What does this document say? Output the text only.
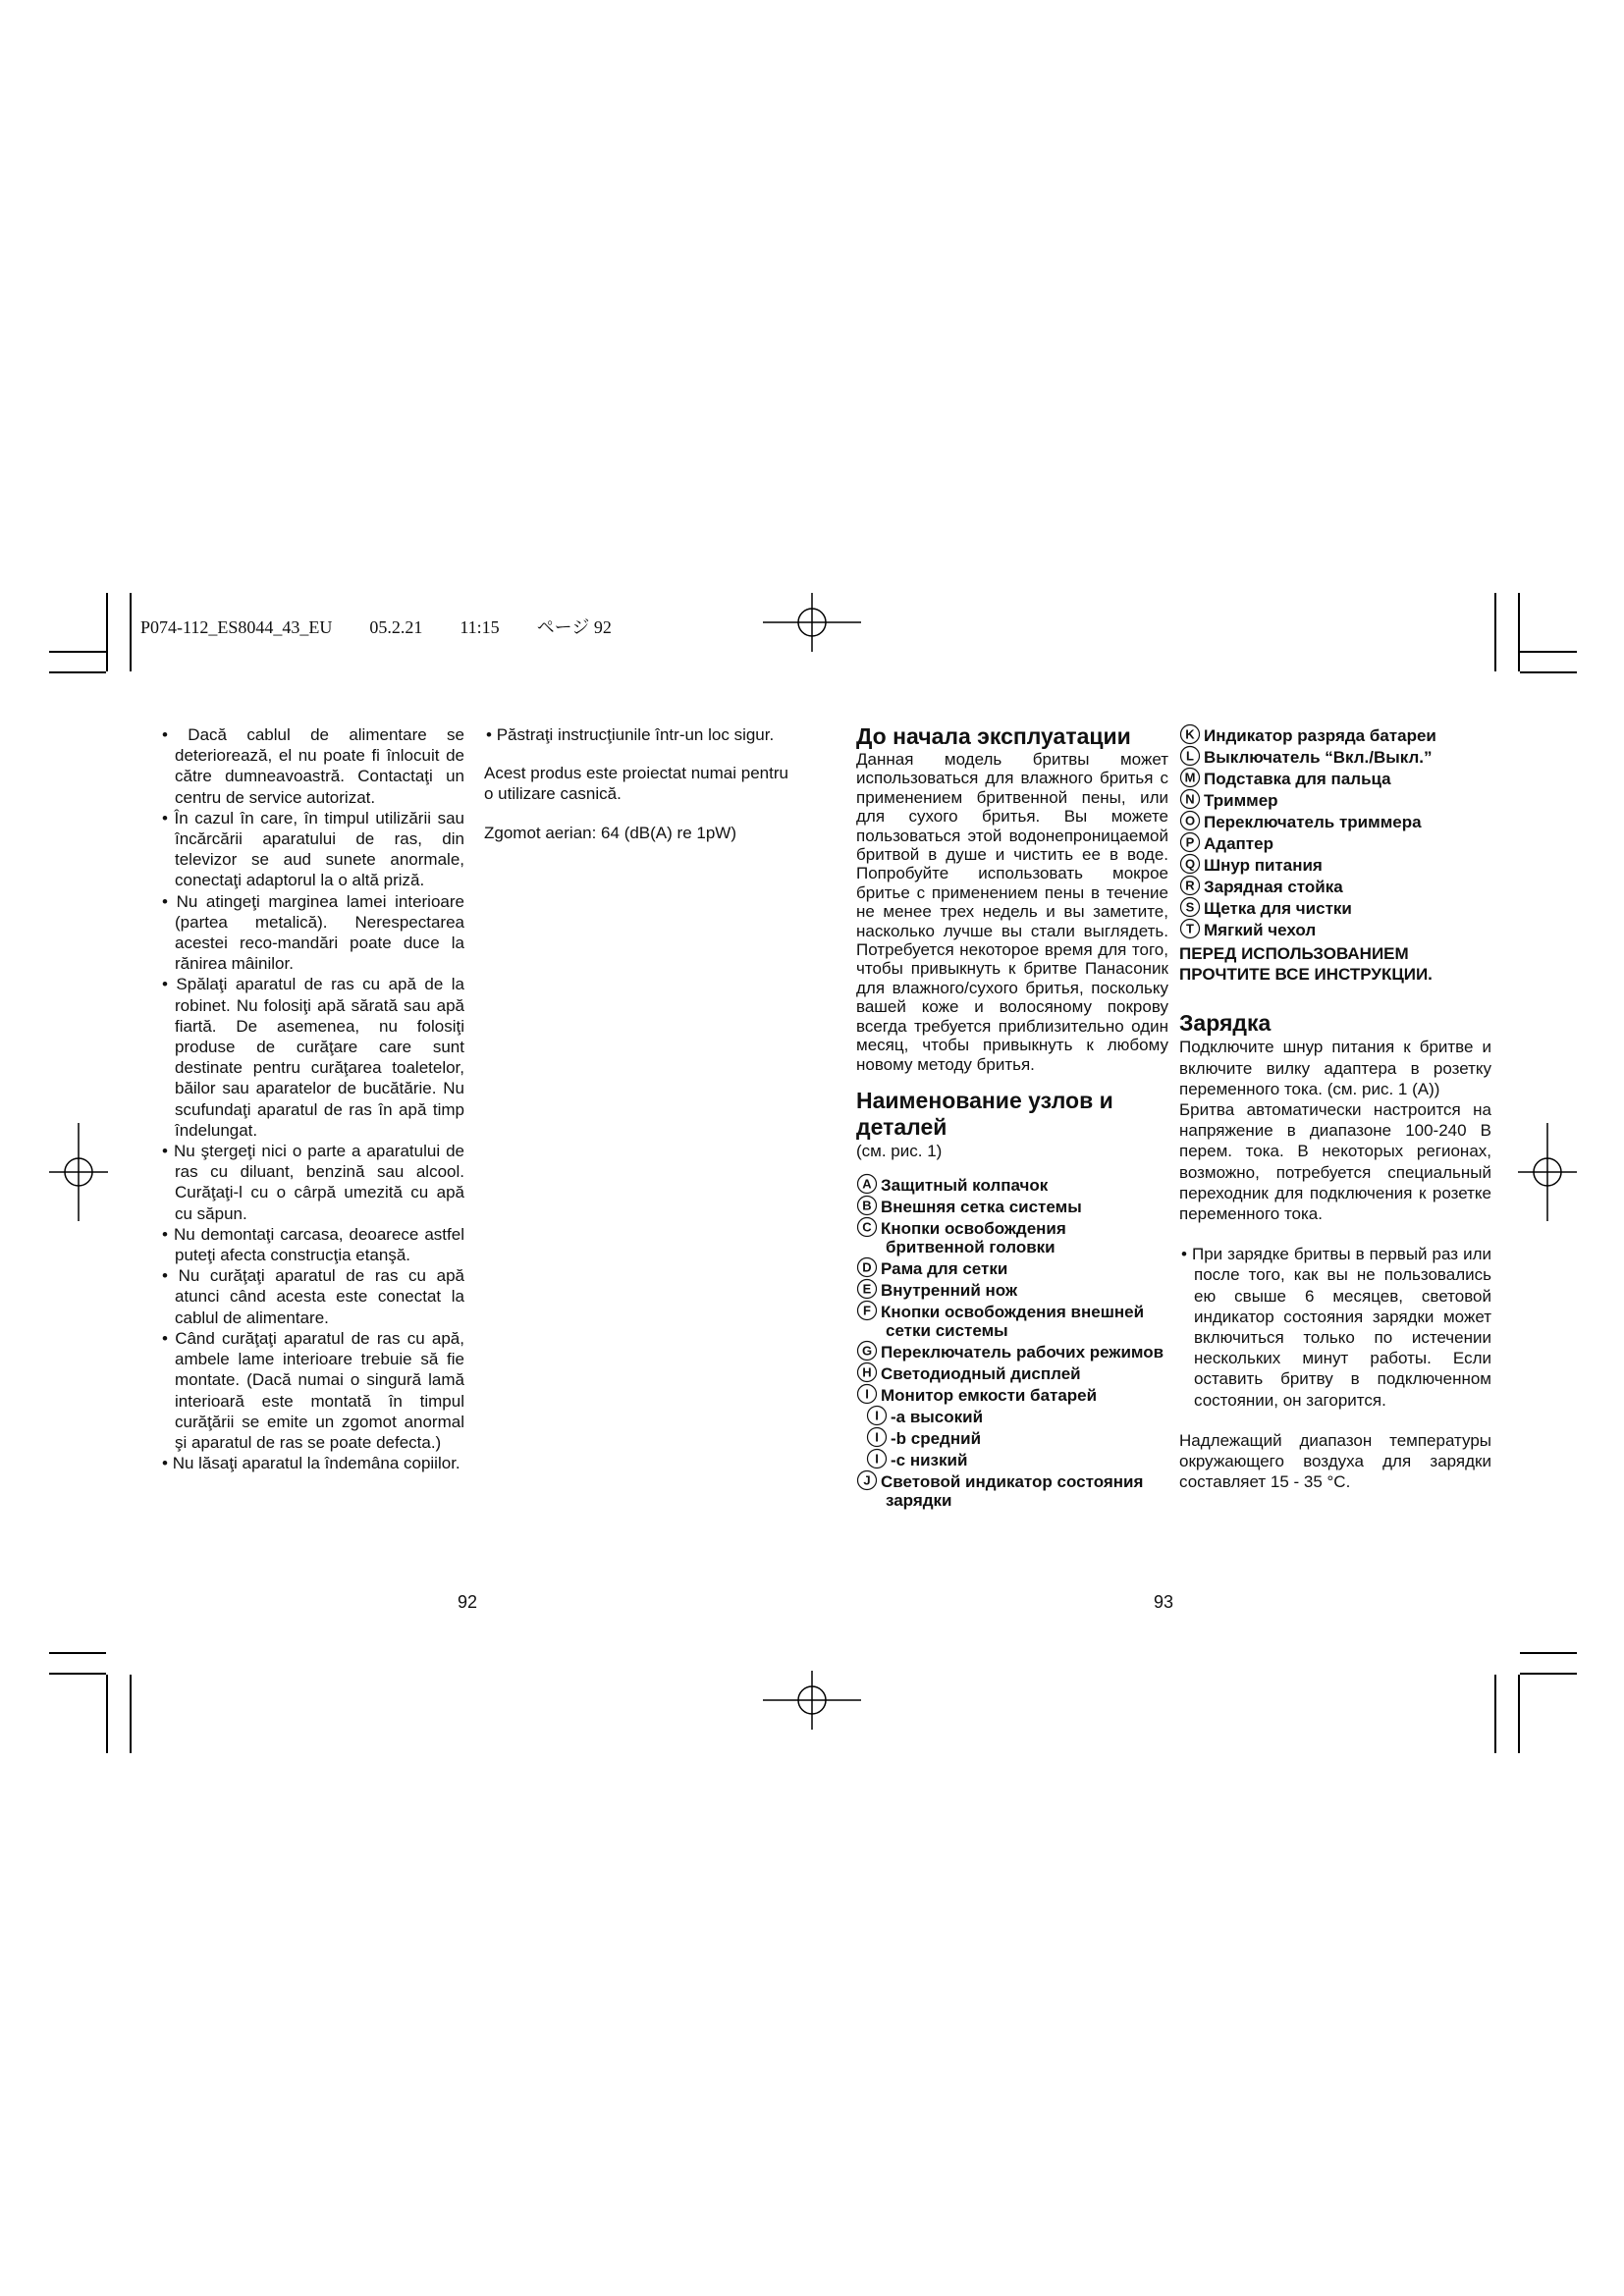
P074-112_ES8044_43_EU 05.2.21 11:15 ページ 92

• Dacă cablul de alimentare se deteriorează, el nu poate fi înlocuit de către dumneavoastră. Contactaţi un centru de service autorizat.

• În cazul în care, în timpul utilizării sau încărcării aparatului de ras, din televizor se aud sunete anormale, conectaţi adaptorul la o altă priză.

• Nu atingeţi marginea lamei interioare (partea metalică). Nerespectarea acestei reco-mandări poate duce la rănirea mâinilor.

• Spălaţi aparatul de ras cu apă de la robinet. Nu folosiţi apă sărată sau apă fiartă. De asemenea, nu folosiţi produse de curăţare care sunt destinate pentru curăţarea toaletelor, băilor sau aparatelor de bucătărie. Nu scufundaţi aparatul de ras în apă timp îndelungat.

• Nu ştergeţi nici o parte a aparatului de ras cu diluant, benzină sau alcool. Curăţaţi-l cu o cârpă umezită cu apă cu săpun.

• Nu demontaţi carcasa, deoarece astfel puteţi afecta construcţia etanşă.

• Nu curăţaţi aparatul de ras cu apă atunci când acesta este conectat la cablul de alimentare.

• Când curăţaţi aparatul de ras cu apă, ambele lame interioare trebuie să fie montate. (Dacă numai o singură lamă interioară este montată în timpul curăţării se emite un zgomot anormal şi aparatul de ras se poate defecta.)

• Nu lăsaţi aparatul la îndemâna copiilor.

• Păstraţi instrucţiunile într-un loc sigur.

Acest produs este proiectat numai pentru o utilizare casnică.

Zgomot aerian: 64 (dB(A) re 1pW)

92	93
До начала эксплуатации

Данная модель бритвы может использоваться для влажного бритья с применением бритвенной пены, или для сухого бритья. Вы можете пользоваться этой водонепроницаемой бритвой в душе и чистить ее в воде. Попробуйте использовать мокрое бритье с применением пены в течение не менее трех недель и вы заметите, насколько лучше вы стали выглядеть. Потребуется некоторое время для того, чтобы привыкнуть к бритве Панасоник для влажного/сухого бритья, поскольку вашей коже и волосяному покрову всегда требуется приблизительно один месяц, чтобы привыкнуть к любому новому методу бритья.

Наименование узлов и деталей

(см. рис. 1)

A Защитный колпачок

B Внешняя сетка системы

C Кнопки освобождения бритвенной головки

D Рама для сетки

E Внутренний нож

F Кнопки освобождения внешней сетки системы

G Переключатель рабочих режимов

H Светодиодный дисплей

I Монитор емкости батарей

I -a высокий

I -b средний

I -c низкий

J Световой индикатор состояния зарядки

K Индикатор разряда батареи

L Выключатель “Вкл./Выкл.”

M Подставка для пальца

N Триммер

O Переключатель триммера

P Адаптер

Q Шнур питания

R Зарядная стойка

S Щетка для чистки

T Мягкий чехол

ПЕРЕД ИСПОЛЬЗОВАНИЕМ ПРОЧТИТЕ ВСЕ ИНСТРУКЦИИ.

Зарядка

Подключите шнур питания к бритве и включите вилку адаптера в розетку переменного тока. (см. рис. 1 (A))

Бритва автоматически настроится на напряжение в диапазоне 100-240 В перем. тока. В некоторых регионах, возможно, потребуется специальный переходник для подключения к розетке переменного тока.

• При зарядке бритвы в первый раз или после того, как вы не пользовались ею свыше 6 месяцев, световой индикатор состояния зарядки может включиться только по истечении нескольких минут работы. Если оставить бритву в подключенном состоянии, он загорится.

Надлежащий диапазон температуры окружающего воздуха для зарядки составляет 15 - 35 °C.
